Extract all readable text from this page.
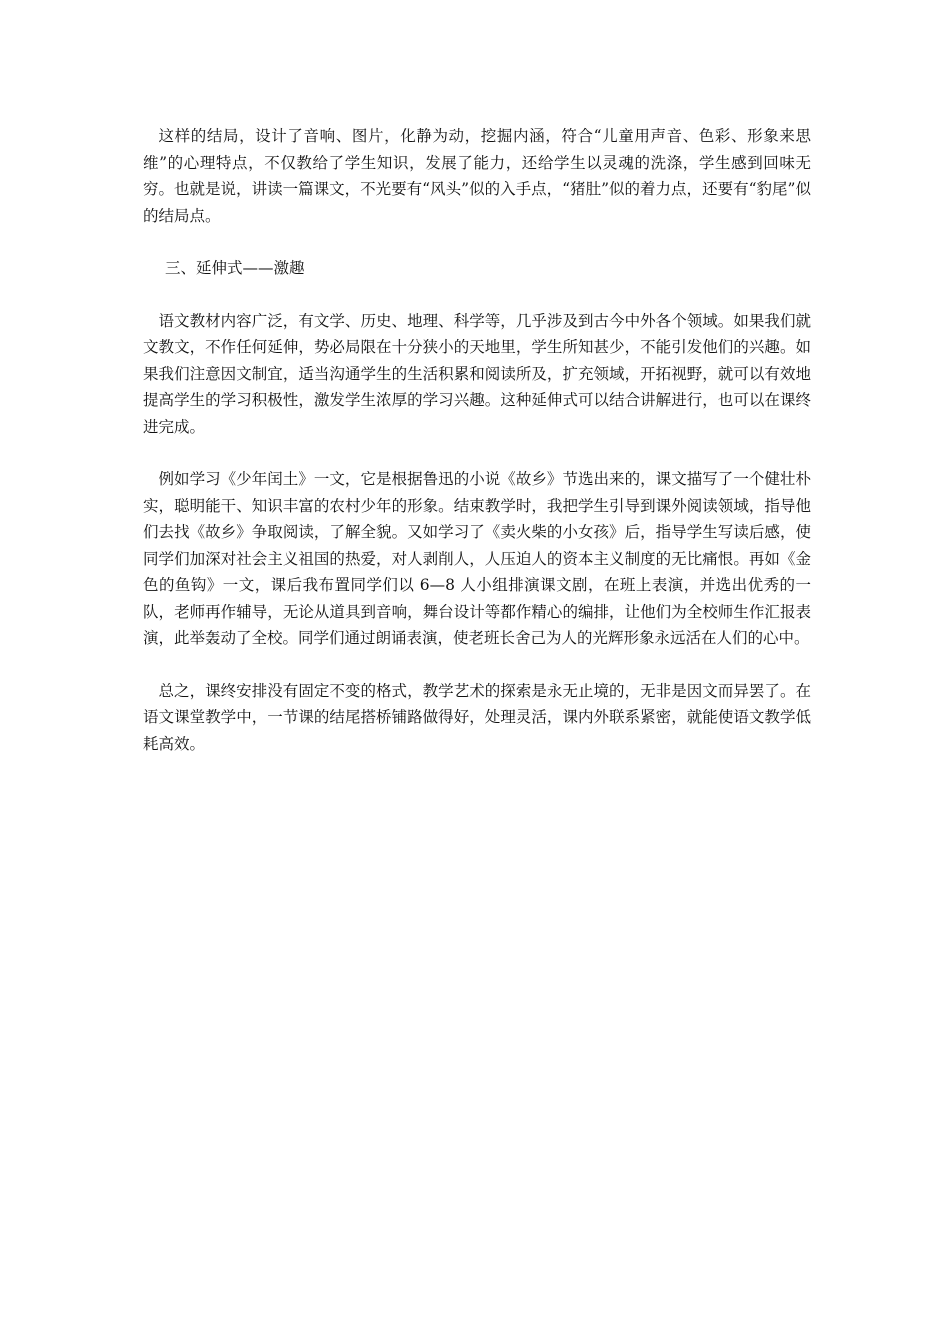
这样的结局，设计了音响、图片，化静为动，挖掘内涵，符合“儿童用声音、色彩、形象来思维”的心理特点，不仅教给了学生知识，发展了能力，还给学生以灵魂的洗涤，学生感到回味无穷。也就是说，讲读一篇课文，不光要有“风头”似的入手点，“猪肚”似的着力点，还要有“豹尾”似的结局点。

三、延伸式——激趣

语文教材内容广泛，有文学、历史、地理、科学等，几乎涉及到古今中外各个领域。如果我们就文教文，不作任何延伸，势必局限在十分狭小的天地里，学生所知甚少，不能引发他们的兴趣。如果我们注意因文制宜，适当沟通学生的生活积累和阅读所及，扩充领域，开拓视野，就可以有效地提高学生的学习积极性，激发学生浓厚的学习兴趣。这种延伸式可以结合讲解进行，也可以在课终进完成。

例如学习《少年闰土》一文，它是根据鲁迅的小说《故乡》节选出来的，课文描写了一个健壮朴实，聪明能干、知识丰富的农村少年的形象。结束教学时，我把学生引导到课外阅读领域，指导他们去找《故乡》争取阅读，了解全貌。又如学习了《卖火柴的小女孩》后，指导学生写读后感，使同学们加深对社会主义祖国的热爱，对人剥削人，人压迫人的资本主义制度的无比痛恨。再如《金色的鱼钩》一文，课后我布置同学们以 6—8 人小组排演课文剧，在班上表演，并选出优秀的一队，老师再作辅导，无论从道具到音响，舞台设计等都作精心的编排，让他们为全校师生作汇报表演，此举轰动了全校。同学们通过朗诵表演，使老班长舍己为人的光辉形象永远活在人们的心中。

总之，课终安排没有固定不变的格式，教学艺术的探索是永无止境的，无非是因文而异罢了。在语文课堂教学中，一节课的结尾搭桥铺路做得好，处理灵活，课内外联系紧密，就能使语文教学低耗高效。
